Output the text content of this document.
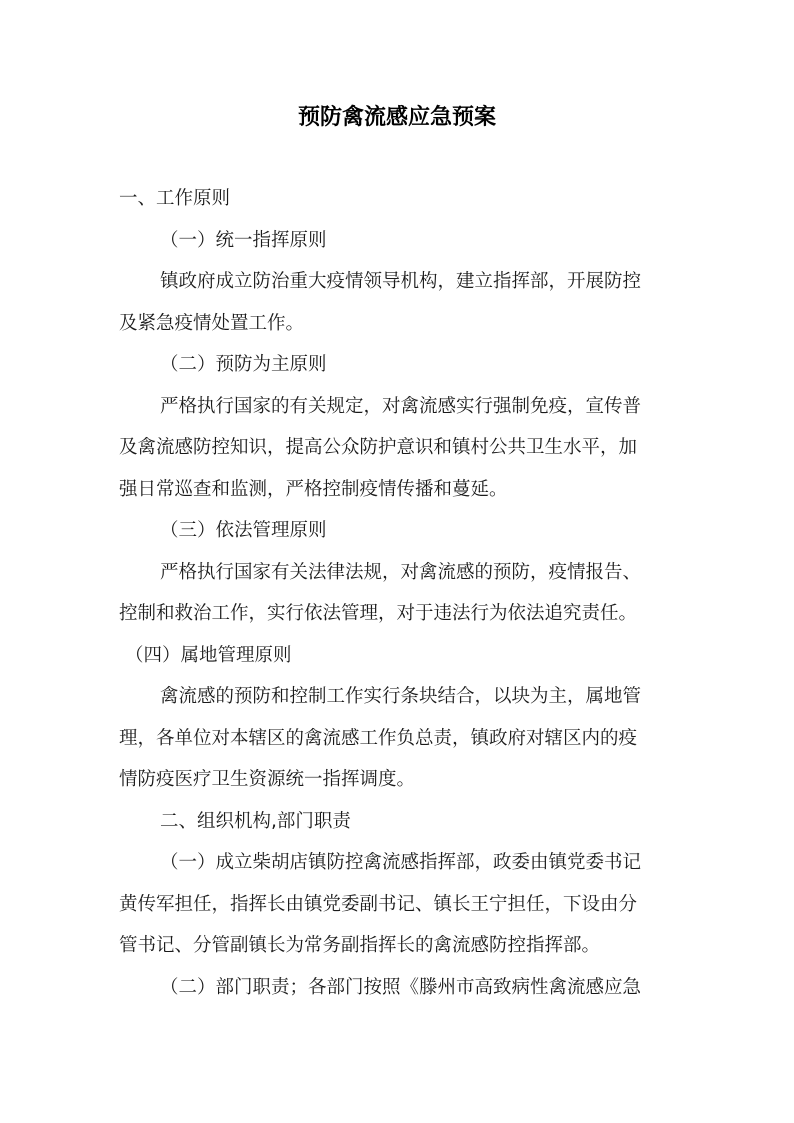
预防禽流感应急预案
一、工作原则
（一）统一指挥原则
镇政府成立防治重大疫情领导机构，建立指挥部，开展防控
及紧急疫情处置工作。
（二）预防为主原则
严格执行国家的有关规定，对禽流感实行强制免疫，宣传普
及禽流感防控知识，提高公众防护意识和镇村公共卫生水平，加
强日常巡查和监测，严格控制疫情传播和蔓延。
（三）依法管理原则
严格执行国家有关法律法规，对禽流感的预防，疫情报告、
控制和救治工作，实行依法管理，对于违法行为依法追究责任。
（四）属地管理原则
禽流感的预防和控制工作实行条块结合，以块为主，属地管
理，各单位对本辖区的禽流感工作负总责，镇政府对辖区内的疫
情防疫医疗卫生资源统一指挥调度。
二、组织机构,部门职责
（一）成立柴胡店镇防控禽流感指挥部，政委由镇党委书记
黄传军担任，指挥长由镇党委副书记、镇长王宁担任，下设由分
管书记、分管副镇长为常务副指挥长的禽流感防控指挥部。
（二）部门职责；各部门按照《滕州市高致病性禽流感应急
